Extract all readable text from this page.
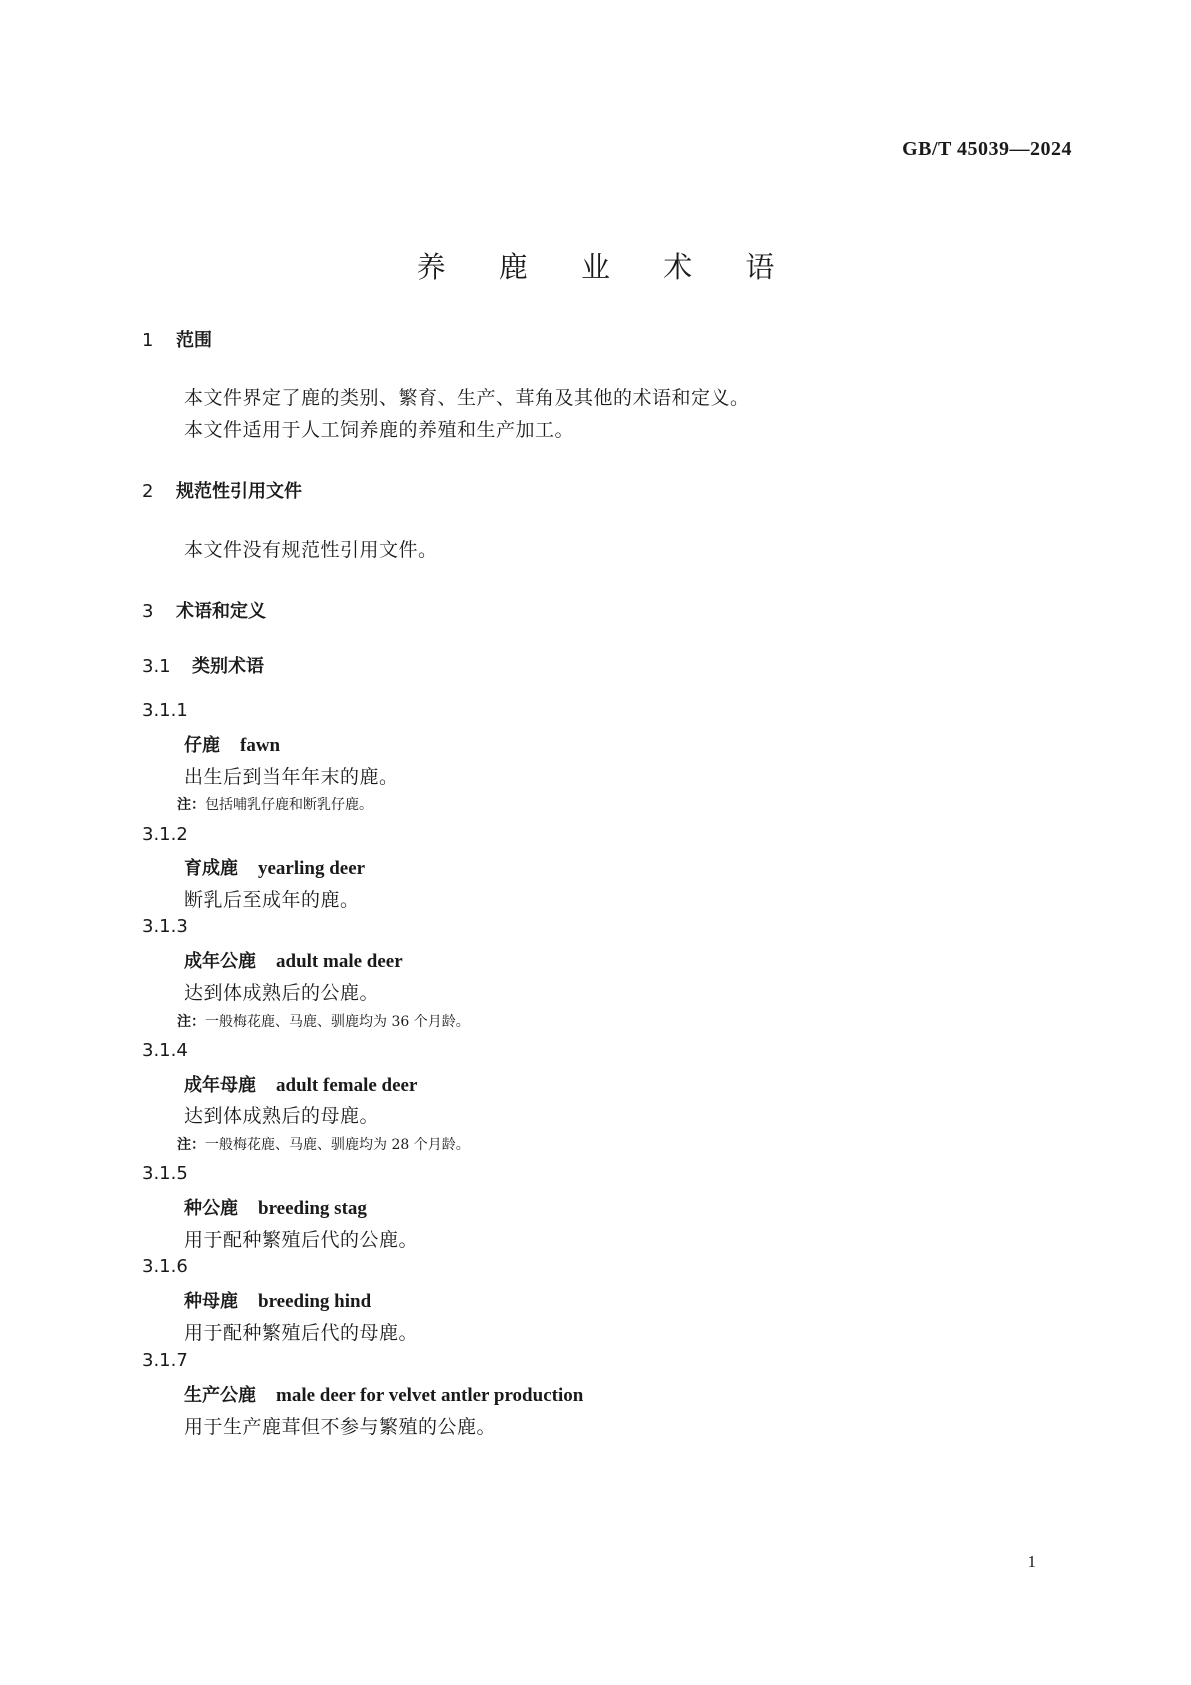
GB/T 45039—2024
养 鹿 业 术 语
1 范围
本文件界定了鹿的类别、繁育、生产、茸角及其他的术语和定义。
本文件适用于人工饲养鹿的养殖和生产加工。
2 规范性引用文件
本文件没有规范性引用文件。
3 术语和定义
3.1 类别术语
3.1.1
仔鹿 fawn
出生后到当年年末的鹿。
注：包括哺乳仔鹿和断乳仔鹿。
3.1.2
育成鹿 yearling deer
断乳后至成年的鹿。
3.1.3
成年公鹿 adult male deer
达到体成熟后的公鹿。
注：一般梅花鹿、马鹿、驯鹿均为 36 个月龄。
3.1.4
成年母鹿 adult female deer
达到体成熟后的母鹿。
注：一般梅花鹿、马鹿、驯鹿均为 28 个月龄。
3.1.5
种公鹿 breeding stag
用于配种繁殖后代的公鹿。
3.1.6
种母鹿 breeding hind
用于配种繁殖后代的母鹿。
3.1.7
生产公鹿 male deer for velvet antler production
用于生产鹿茸但不参与繁殖的公鹿。
1
